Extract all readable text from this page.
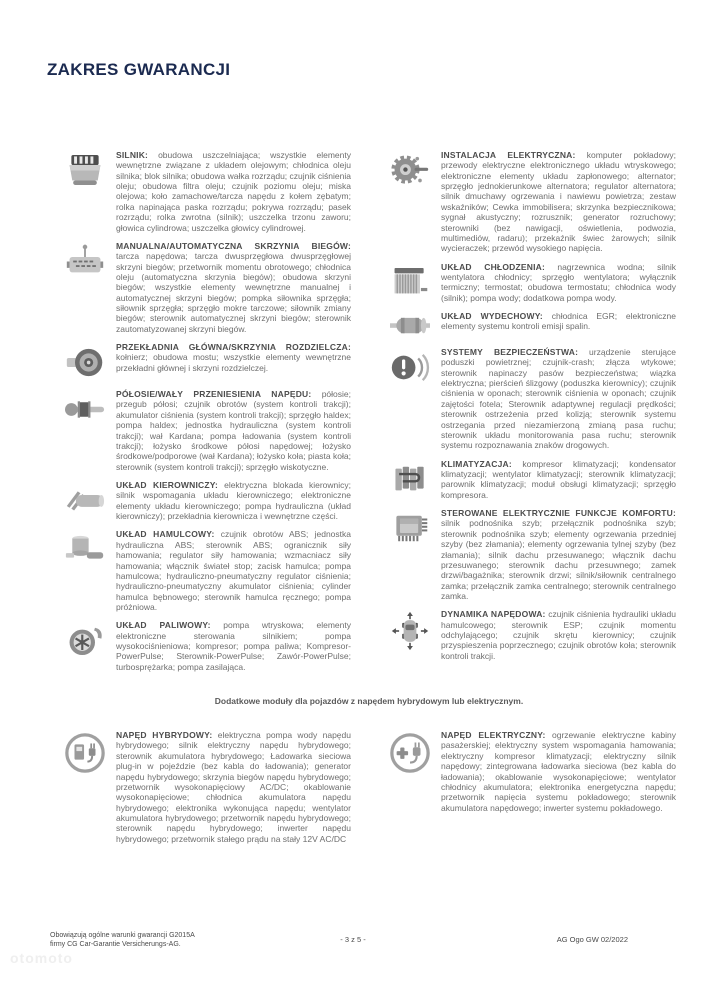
ZAKRES GWARANCJI

SILNIK: obudowa uszczelniająca; wszystkie elementy wewnętrzne związane z układem olejowym; chłodnica oleju silnika; blok silnika; obudowa wałka rozrządu; czujnik ciśnienia oleju; obudowa filtra oleju; czujnik poziomu oleju; miska olejowa; koło zamachowe/tarcza napędu z kołem zębatym; rolka napinająca paska rozrządu; pokrywa rozrządu; pasek rozrządu; rolka zwrotna (silnik); uszczelka trzonu zaworu; głowica cylindrowa; uszczelka głowicy cylindrowej.

MANUALNA/AUTOMATYCZNA SKRZYNIA BIEGÓW: tarcza napędowa; tarcza dwusprzęgłowa dwusprzęgłowej skrzyni biegów; przetwornik momentu obrotowego; chłodnica oleju (automatyczna skrzynia biegów); obudowa skrzyni biegów; wszystkie elementy wewnętrzne manualnej i automatycznej skrzyni biegów; pompka siłownika sprzęgła; siłownik sprzęgła; sprzęgło mokre tarczowe; siłownik zmiany biegów; sterownik automatycznej skrzyni biegów; sterownik zautomatyzowanej skrzyni biegów.

PRZEKŁADNIA GŁÓWNA/SKRZYNIA ROZDZIELCZA: kołnierz; obudowa mostu; wszystkie elementy wewnętrzne przekładni głównej i skrzyni rozdzielczej.

PÓŁOSIE/WAŁY PRZENIESIENIA NAPĘDU: półosie; przegub półosi; czujnik obrotów (system kontroli trakcji); akumulator ciśnienia (system kontroli trakcji); sprzęgło haldex; pompa haldex; jednostka hydrauliczna (system kontroli trakcji); wał Kardana; pompa ładowania (system kontroli trakcji); łożysko środkowe półosi napędowej; łożysko środkowe/podporowe (wał Kardana); łożysko koła; piasta koła; sterownik (system kontroli trakcji); sprzęgło wiskotyczne.

UKŁAD KIEROWNICZY: elektryczna blokada kierownicy; silnik wspomagania układu kierowniczego; elektroniczne elementy układu kierowniczego; pompa hydrauliczna (układ kierowniczy); przekładnia kierownicza i wewnętrzne części.

UKŁAD HAMULCOWY: czujnik obrotów ABS; jednostka hydrauliczna ABS; sterownik ABS; ogranicznik siły hamowania; regulator siły hamowania; wzmacniacz siły hamowania; włącznik świateł stop; zacisk hamulca; pompa hamulcowa; hydrauliczno-pneumatyczny regulator ciśnienia; hydrauliczno-pneumatyczny akumulator ciśnienia; cylinder hamulca bębnowego; sterownik hamulca ręcznego; pompa próżniowa.

UKŁAD PALIWOWY: pompa wtryskowa; elementy elektroniczne sterowania silnikiem; pompa wysokociśnieniowa; kompresor; pompa paliwa; Kompresor-PowerPulse; Sterownik-PowerPulse; Zawór-PowerPulse; turbosprężarka; pompa zasilająca.

INSTALACJA ELEKTRYCZNA: komputer pokładowy; przewody elektryczne elektronicznego układu wtryskowego; elektroniczne elementy układu zapłonowego; alternator; sprzęgło jednokierunkowe alternatora; regulator alternatora; silnik dmuchawy ogrzewania i nawiewu powietrza; zestaw wskaźników; Cewka immobilisera; skrzynka bezpiecznikowa; sygnał akustyczny; rozrusznik; generator rozruchowy; sterowniki (bez nawigacji, oświetlenia, podwozia, multimediów, radaru); przekaźnik świec żarowych; silnik wycieraczek; przewód wysokiego napięcia.

UKŁAD CHŁODZENIA: nagrzewnica wodna; silnik wentylatora chłodnicy; sprzęgło wentylatora; wyłącznik termiczny; termostat; obudowa termostatu; chłodnica wody (silnik); pompa wody; dodatkowa pompa wody.

UKŁAD WYDECHOWY: chłodnica EGR; elektroniczne elementy systemu kontroli emisji spalin.

SYSTEMY BEZPIECZEŃSTWA: urządzenie sterujące poduszki powietrznej; czujnik-crash; złącza wtykowe; sterownik napinaczy pasów bezpieczeństwa; wiązka elektryczna; pierścień ślizgowy (poduszka kierownicy); czujnik ciśnienia w oponach; sterownik ciśnienia w oponach; czujnik zajętości fotela; Sterownik adaptywnej regulacji prędkości; sterownik ostrzeżenia przed kolizją; sterownik systemu ostrzegania przed niezamierzoną zmianą pasa ruchu; sterownik układu monitorowania pasa ruchu; sterownik systemu rozpoznawania znaków drogowych.

KLIMATYZACJA: kompresor klimatyzacji; kondensator klimatyzacji; wentylator klimatyzacji; sterownik klimatyzacji; parownik klimatyzacji; moduł obsługi klimatyzacji; sprzęgło kompresora.

STEROWANE ELEKTRYCZNIE FUNKCJE KOMFORTU: silnik podnośnika szyb; przełącznik podnośnika szyb; sterownik podnośnika szyb; elementy ogrzewania przedniej szyby (bez złamania); elementy ogrzewania tylnej szyby (bez złamania); silnik dachu przesuwanego; włącznik dachu przesuwanego; sterownik dachu przesuwnego; zamek drzwi/bagażnika; sterownik drzwi; silnik/siłownik centralnego zamka; przełącznik zamka centralnego; sterownik centralnego zamka.

DYNAMIKA NAPĘDOWA: czujnik ciśnienia hydrauliki układu hamulcowego; sterownik ESP; czujnik momentu odchylającego; czujnik skrętu kierownicy; czujnik przyspieszenia poprzecznego; czujnik obrotów koła; sterownik kontroli trakcji.

Dodatkowe moduły dla pojazdów z napędem hybrydowym lub elektrycznym.

NAPĘD HYBRYDOWY: elektryczna pompa wody napędu hybrydowego; silnik elektryczny napędu hybrydowego; sterownik akumulatora hybrydowego; Ładowarka sieciowa plug-in w pojeździe (bez kabla do ładowania); generator napędu hybrydowego; skrzynia biegów napędu hybrydowego; przetwornik wysokonapięciowy AC/DC; okablowanie wysokonapięciowe; chłodnica akumulatora napędu hybrydowego; elektronika wykonująca napędu; wentylator akumulatora hybrydowego; przetwornik napędu hybrydowego; sterownik napędu hybrydowego; inwerter napędu hybrydowego; przetwornik stałego prądu na stały 12V AC/DC

NAPĘD ELEKTRYCZNY: ogrzewanie elektryczne kabiny pasażerskiej; elektryczny system wspomagania hamowania; elektryczny kompresor klimatyzacji; elektryczny silnik napędowy; zintegrowana ładowarka sieciowa (bez kabla do ładowania); okablowanie wysokonapięciowe; wentylator chłodnicy akumulatora; elektronika energetyczna napędu; przetwornik napięcia systemu pokładowego; sterownik akumulatora napędowego; inwerter systemu pokładowego.

Obowiązują ogólne warunki gwarancji G2015A
firmy CG Car-Garantie Versicherungs-AG.
- 3 z 5 -	AG Ogo GW 02/2022
otomoto
